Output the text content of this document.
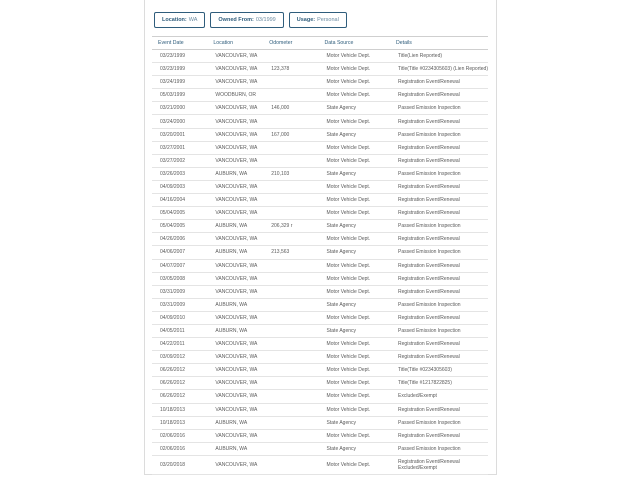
Location: WA	Owned From: 03/1999	Usage: Personal
Event Date	Location	Odometer	Data Source	Details
03/23/1999	VANCOUVER, WA		Motor Vehicle Dept.	Title(Lien Reported)
03/23/1999	VANCOUVER, WA	123,378	Motor Vehicle Dept.	Title(Title #0234305603) (Lien Reported)
03/24/1999	VANCOUVER, WA		Motor Vehicle Dept.	Registration Event/Renewal
05/03/1999	WOODBURN, OR		Motor Vehicle Dept.	Registration Event/Renewal
03/21/2000	VANCOUVER, WA	146,000	State Agency	Passed Emission Inspection
03/24/2000	VANCOUVER, WA		Motor Vehicle Dept.	Registration Event/Renewal
03/20/2001	VANCOUVER, WA	167,000	State Agency	Passed Emission Inspection
03/27/2001	VANCOUVER, WA		Motor Vehicle Dept.	Registration Event/Renewal
03/27/2002	VANCOUVER, WA		Motor Vehicle Dept.	Registration Event/Renewal
03/26/2003	AUBURN, WA	210,103	State Agency	Passed Emission Inspection
04/09/2003	VANCOUVER, WA		Motor Vehicle Dept.	Registration Event/Renewal
04/16/2004	VANCOUVER, WA		Motor Vehicle Dept.	Registration Event/Renewal
05/04/2005	VANCOUVER, WA		Motor Vehicle Dept.	Registration Event/Renewal
05/04/2005	AUBURN, WA	206,329 r	State Agency	Passed Emission Inspection
04/26/2006	VANCOUVER, WA		Motor Vehicle Dept.	Registration Event/Renewal
04/06/2007	AUBURN, WA	213,563	State Agency	Passed Emission Inspection
04/07/2007	VANCOUVER, WA		Motor Vehicle Dept.	Registration Event/Renewal
03/05/2008	VANCOUVER, WA		Motor Vehicle Dept.	Registration Event/Renewal
03/31/2009	VANCOUVER, WA		Motor Vehicle Dept.	Registration Event/Renewal
03/31/2009	AUBURN, WA		State Agency	Passed Emission Inspection
04/09/2010	VANCOUVER, WA		Motor Vehicle Dept.	Registration Event/Renewal
04/05/2011	AUBURN, WA		State Agency	Passed Emission Inspection
04/22/2011	VANCOUVER, WA		Motor Vehicle Dept.	Registration Event/Renewal
03/09/2012	VANCOUVER, WA		Motor Vehicle Dept.	Registration Event/Renewal
06/26/2012	VANCOUVER, WA		Motor Vehicle Dept.	Title(Title #0234305603)
06/26/2012	VANCOUVER, WA		Motor Vehicle Dept.	Title(Title #1217822825)
06/26/2012	VANCOUVER, WA		Motor Vehicle Dept.	Excluded/Exempt
10/18/2013	VANCOUVER, WA		Motor Vehicle Dept.	Registration Event/Renewal
10/18/2013	AUBURN, WA		State Agency	Passed Emission Inspection
02/06/2016	VANCOUVER, WA		Motor Vehicle Dept.	Registration Event/Renewal
02/06/2016	AUBURN, WA		State Agency	Passed Emission Inspection
03/20/2018	VANCOUVER, WA		Motor Vehicle Dept.	Registration Event/Renewal
Excluded/Exempt
